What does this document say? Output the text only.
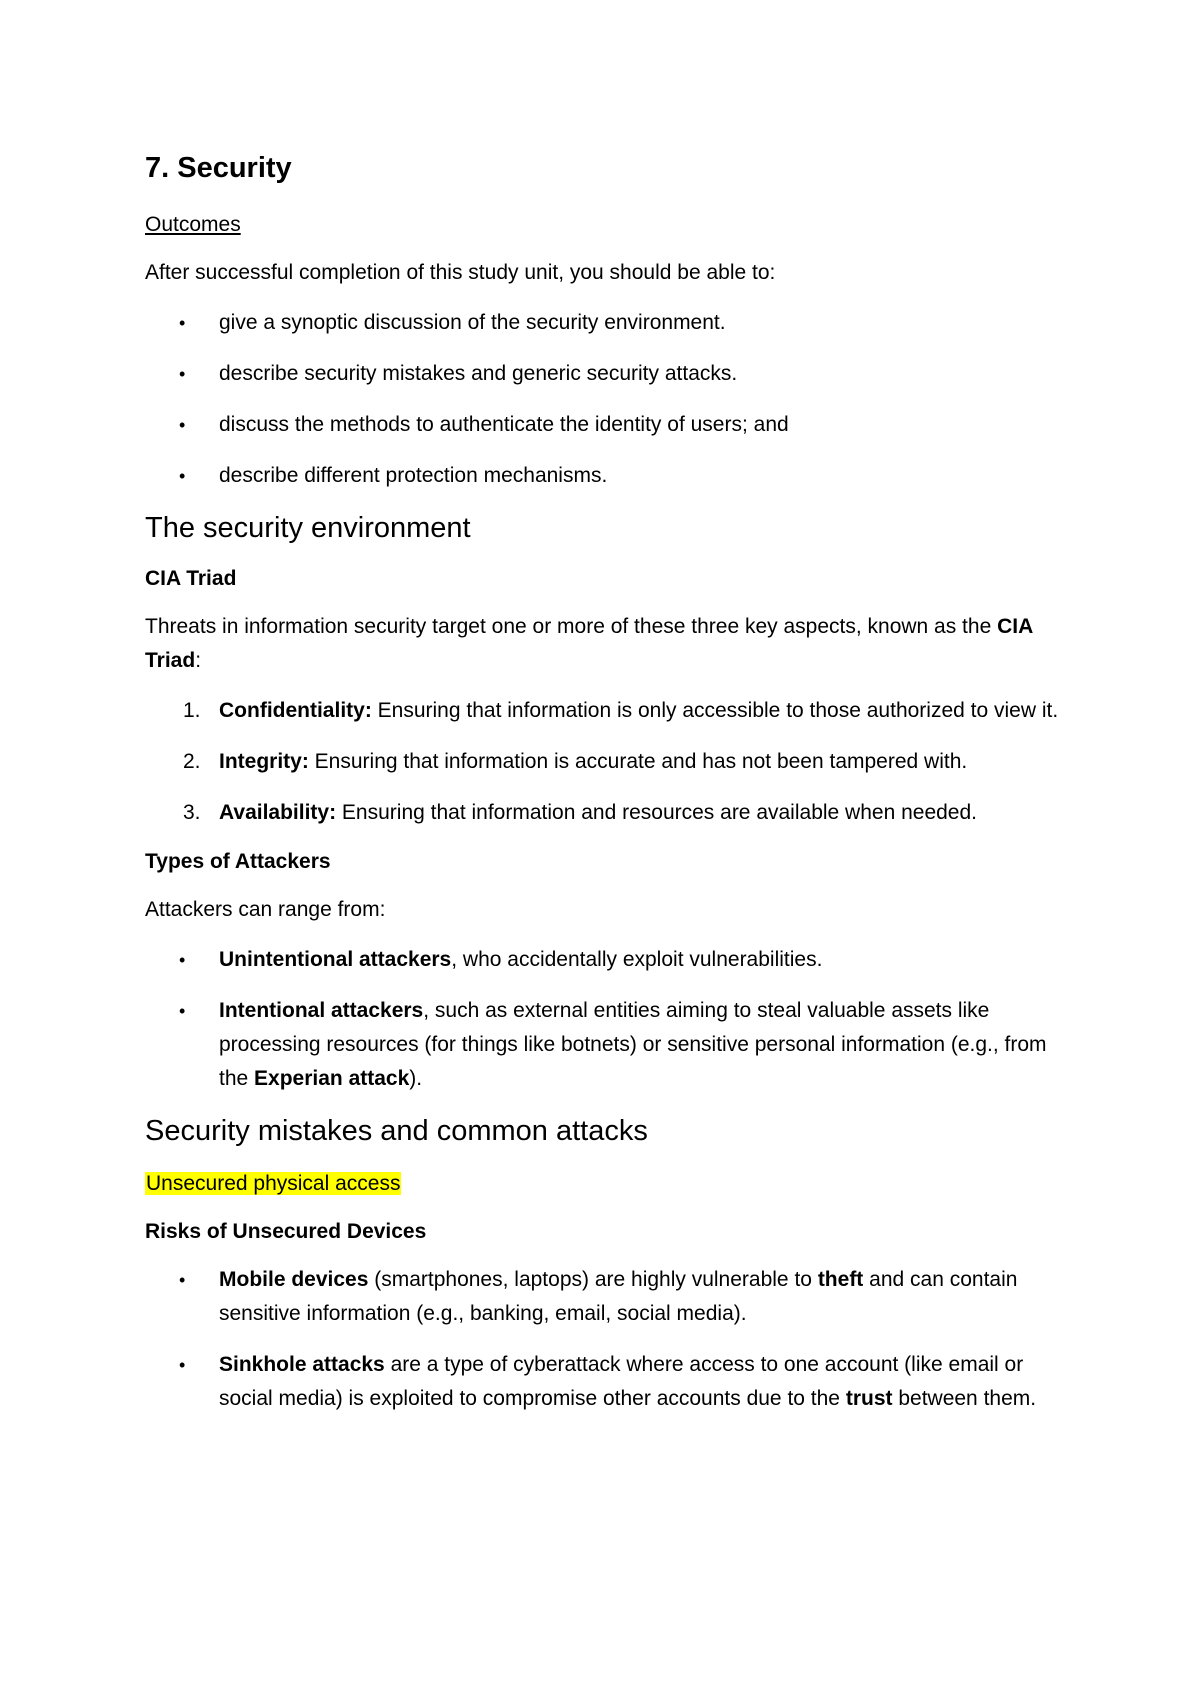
7. Security
Outcomes
After successful completion of this study unit, you should be able to:
• give a synoptic discussion of the security environment.
• describe security mistakes and generic security attacks.
• discuss the methods to authenticate the identity of users; and
• describe different protection mechanisms.
The security environment
CIA Triad
Threats in information security target one or more of these three key aspects, known as the CIA Triad:
1. Confidentiality: Ensuring that information is only accessible to those authorized to view it.
2. Integrity: Ensuring that information is accurate and has not been tampered with.
3. Availability: Ensuring that information and resources are available when needed.
Types of Attackers
Attackers can range from:
• Unintentional attackers, who accidentally exploit vulnerabilities.
• Intentional attackers, such as external entities aiming to steal valuable assets like processing resources (for things like botnets) or sensitive personal information (e.g., from the Experian attack).
Security mistakes and common attacks
Unsecured physical access
Risks of Unsecured Devices
• Mobile devices (smartphones, laptops) are highly vulnerable to theft and can contain sensitive information (e.g., banking, email, social media).
• Sinkhole attacks are a type of cyberattack where access to one account (like email or social media) is exploited to compromise other accounts due to the trust between them.
